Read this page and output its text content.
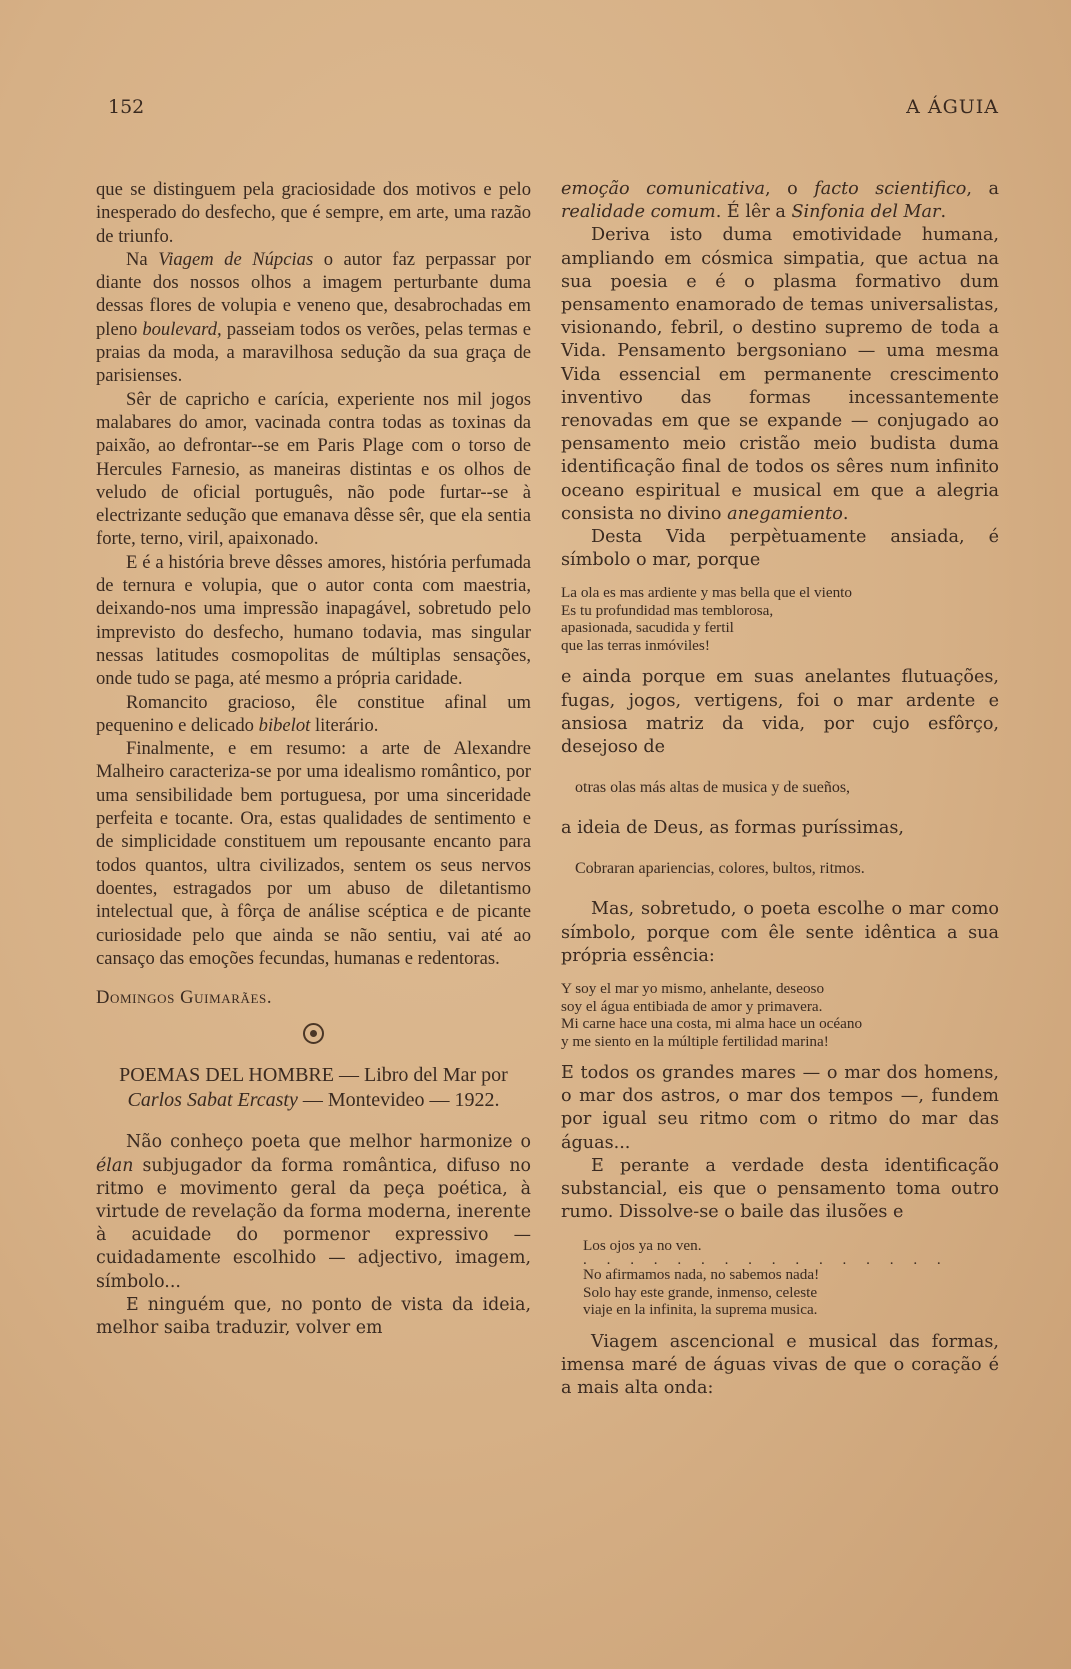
152	A ÁGUIA

que se distinguem pela graciosidade dos motivos e pelo inesperado do desfecho, que é sempre, em arte, uma razão de triunfo.

Na Viagem de Núpcias o autor faz perpassar por diante dos nossos olhos a imagem perturbante duma dessas flores de volupia e veneno que, desabrochadas em pleno boulevard, passeiam todos os verões, pelas termas e praias da moda, a maravilhosa sedução da sua graça de parisienses.

Sêr de capricho e carícia, experiente nos mil jogos malabares do amor, vacinada contra todas as toxinas da paixão, ao defrontar--se em Paris Plage com o torso de Hercules Farnesio, as maneiras distintas e os olhos de veludo de oficial português, não pode furtar--se à electrizante sedução que emanava dêsse sêr, que ela sentia forte, terno, viril, apaixonado.

E é a história breve dêsses amores, história perfumada de ternura e volupia, que o autor conta com maestria, deixando-nos uma impressão inapagável, sobretudo pelo imprevisto do desfecho, humano todavia, mas singular nessas latitudes cosmopolitas de múltiplas sensações, onde tudo se paga, até mesmo a própria caridade.

Romancito gracioso, êle constitue afinal um pequenino e delicado bibelot literário.

Finalmente, e em resumo: a arte de Alexandre Malheiro caracteriza-se por uma idealismo romântico, por uma sensibilidade bem portuguesa, por uma sinceridade perfeita e tocante. Ora, estas qualidades de sentimento e de simplicidade constituem um repousante encanto para todos quantos, ultra civilizados, sentem os seus nervos doentes, estragados por um abuso de diletantismo intelectual que, à fôrça de análise scéptica e de picante curiosidade pelo que ainda se não sentiu, vai até ao cansaço das emoções fecundas, humanas e redentoras.

Domingos Guimarães.

POEMAS DEL HOMBRE — Libro del Mar por Carlos Sabat Ercasty — Montevideo — 1922.

Não conheço poeta que melhor harmonize o élan subjugador da forma romântica, difuso no ritmo e movimento geral da peça poética, à virtude de revelação da forma moderna, inerente à acuidade do pormenor expressivo — cuidadamente escolhido — adjectivo, imagem, símbolo...

E ninguém que, no ponto de vista da ideia, melhor saiba traduzir, volver em

emoção comunicativa, o facto scientifico, a realidade comum. É lêr a Sinfonia del Mar.

Deriva isto duma emotividade humana, ampliando em cósmica simpatia, que actua na sua poesia e é o plasma formativo dum pensamento enamorado de temas universalistas, visionando, febril, o destino supremo de toda a Vida. Pensamento bergsoniano — uma mesma Vida essencial em permanente crescimento inventivo das formas incessantemente renovadas em que se expande — conjugado ao pensamento meio cristão meio budista duma identificação final de todos os sêres num infinito oceano espiritual e musical em que a alegria consista no divino anegamiento.

Desta Vida perpètuamente ansiada, é símbolo o mar, porque

La ola es mas ardiente y mas bella que el viento
Es tu profundidad mas temblorosa,
apasionada, sacudida y fertil
que las terras inmóviles!

e ainda porque em suas anelantes flutuações, fugas, jogos, vertigens, foi o mar ardente e ansiosa matriz da vida, por cujo esfôrço, desejoso de

otras olas más altas de musica y de sueños,

a ideia de Deus, as formas puríssimas,

Cobraran apariencias, colores, bultos, ritmos.

Mas, sobretudo, o poeta escolhe o mar como símbolo, porque com êle sente idêntica a sua própria essência:

Y soy el mar yo mismo, anhelante, deseoso
soy el água entibiada de amor y primavera.
Mi carne hace una costa, mi alma hace un océano
y me siento en la múltiple fertilidad marina!

E todos os grandes mares — o mar dos homens, o mar dos astros, o mar dos tempos —, fundem por igual seu ritmo com o ritmo do mar das águas...

E perante a verdade desta identificação substancial, eis que o pensamento toma outro rumo. Dissolve-se o baile das ilusões e

Los ojos ya no ven.
. . . . . . . . . . . . . . . .
No afirmamos nada, no sabemos nada!
Solo hay este grande, inmenso, celeste
viaje en la infinita, la suprema musica.

Viagem ascencional e musical das formas, imensa maré de águas vivas de que o coração é a mais alta onda:
